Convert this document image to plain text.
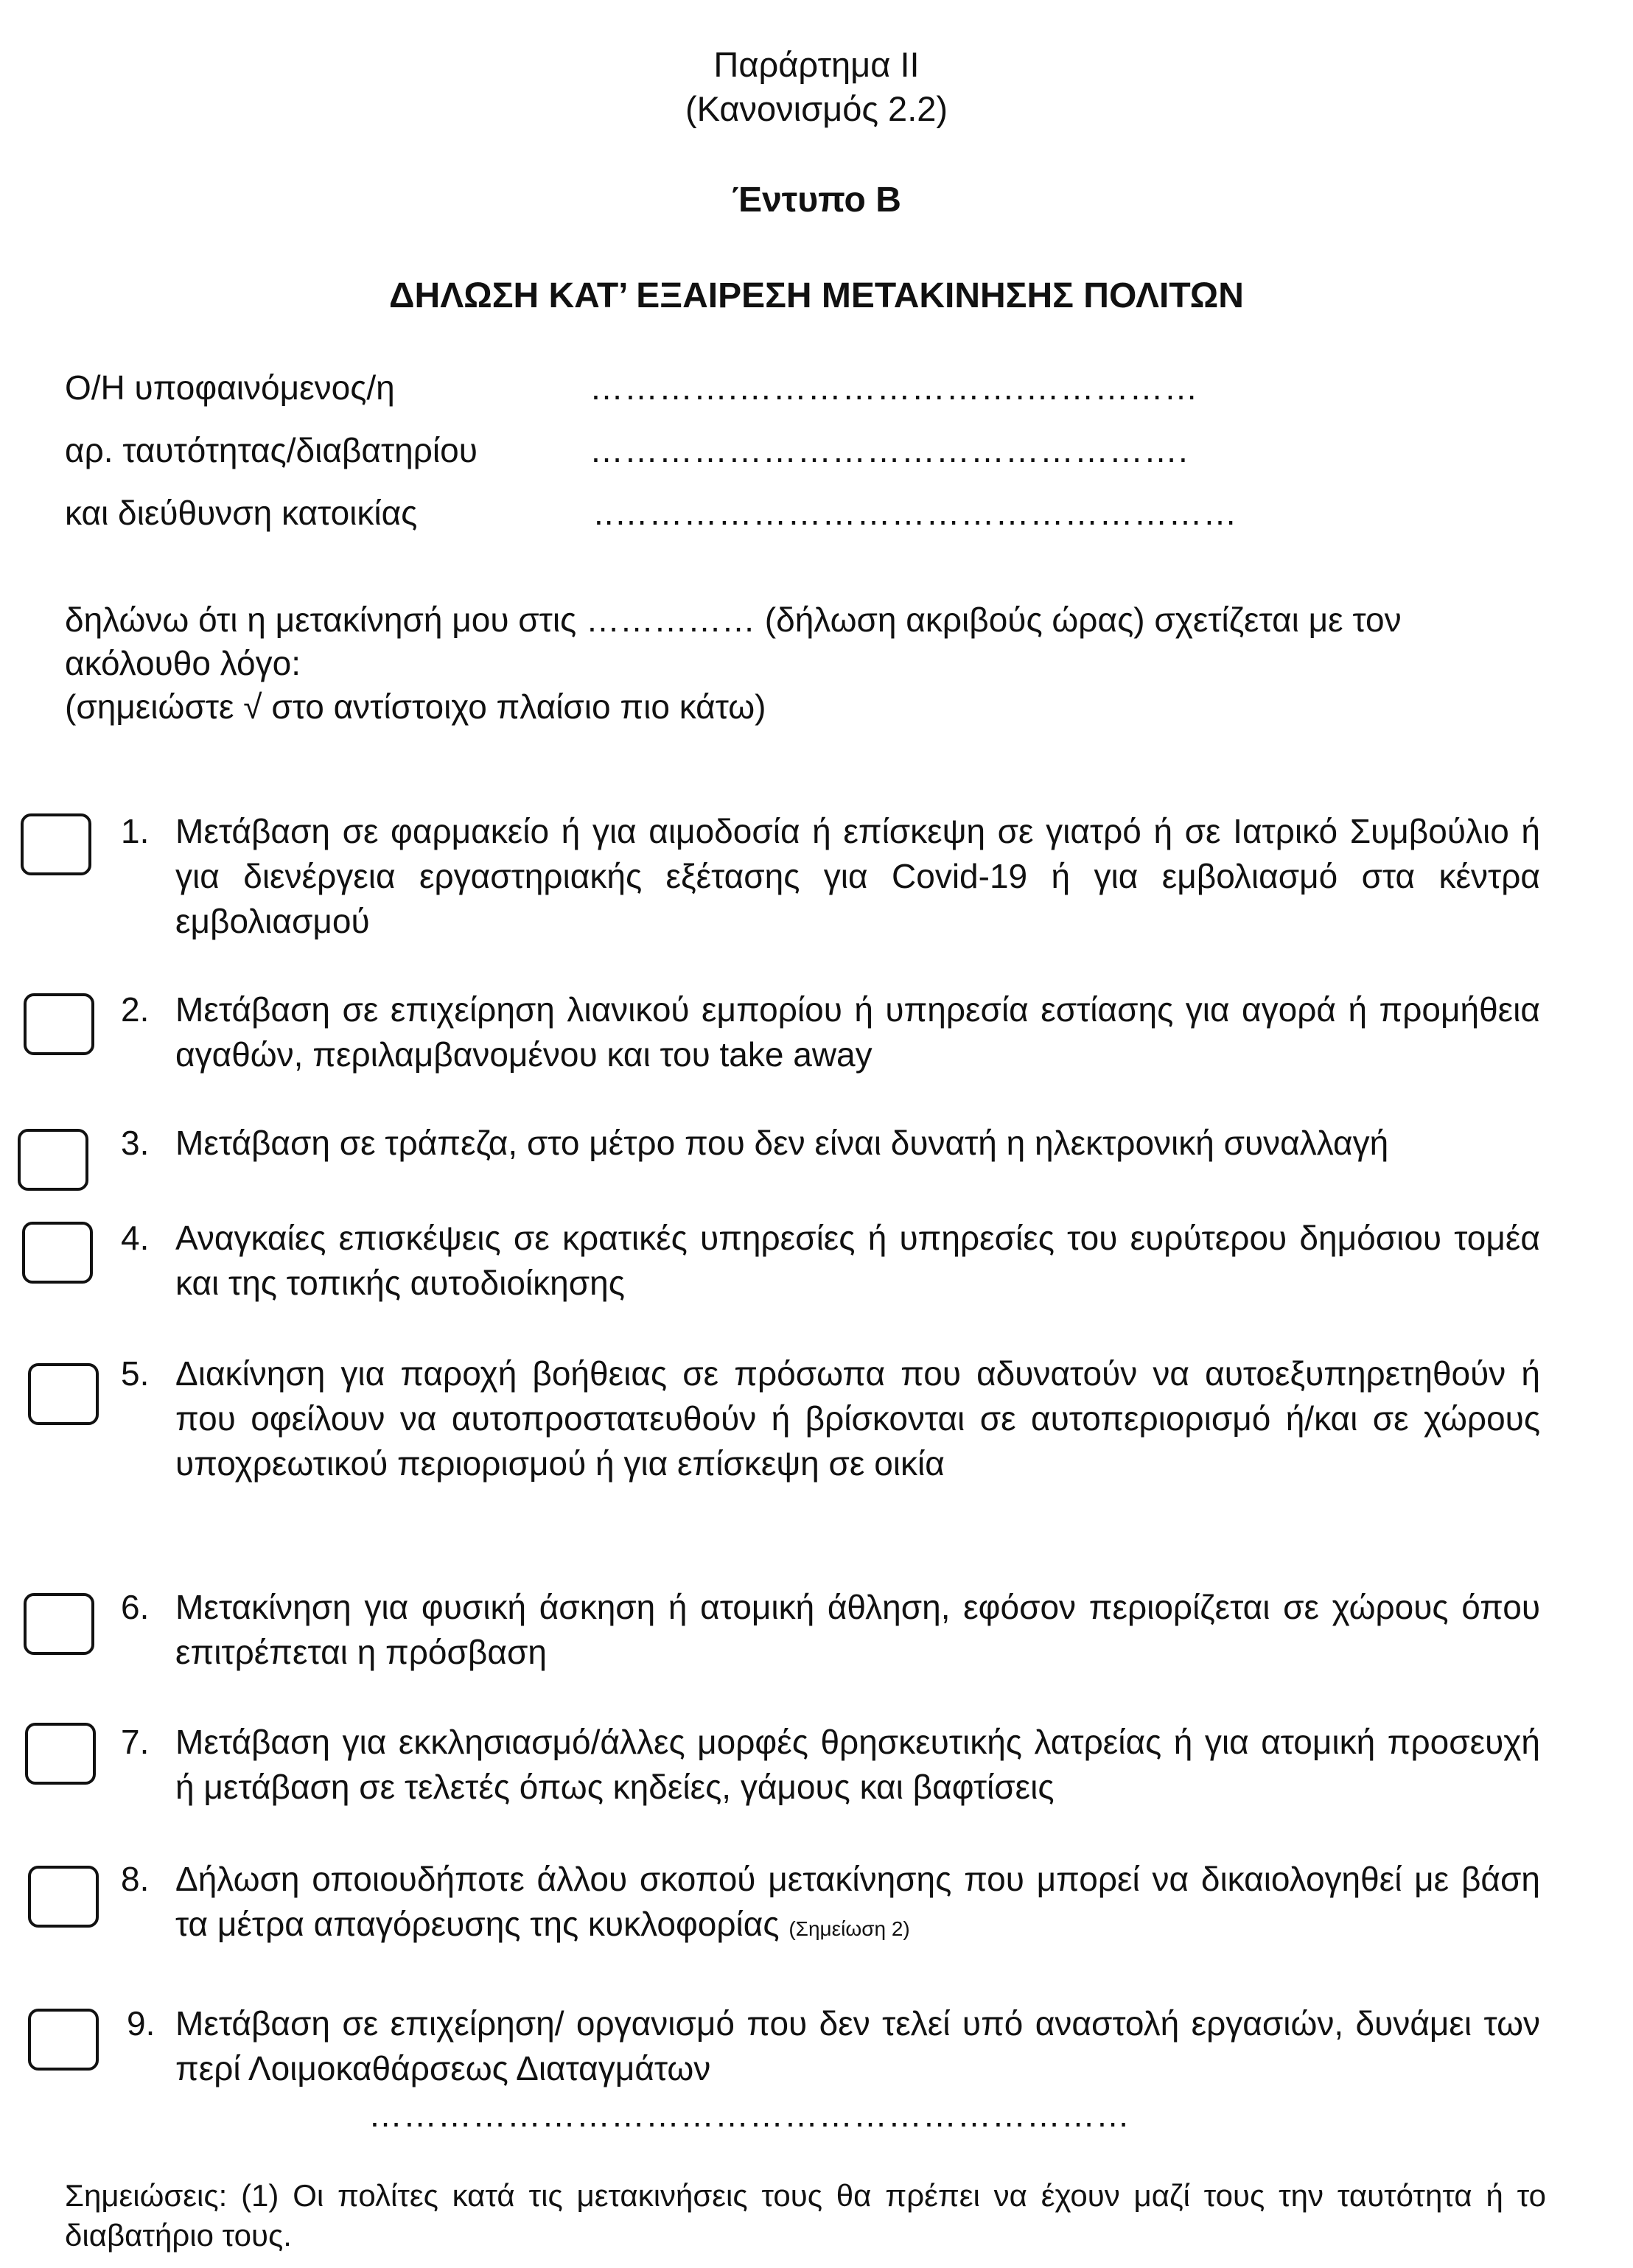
Παράρτημα ΙΙ
(Κανονισμός 2.2)
Έντυπο Β
ΔΗΛΩΣΗ ΚΑΤ’ ΕΞΑΙΡΕΣΗ ΜΕΤΑΚΙΝΗΣΗΣ ΠΟΛΙΤΩΝ
Ο/Η υποφαινόμενος/η	………….…………………….……………
αρ. ταυτότητας/διαβατηρίου	…………………………………………….
και διεύθυνση κατοικίας	..………………………………………………
δηλώνω ότι η μετακίνησή μου στις …………… (δήλωση ακριβούς ώρας) σχετίζεται με τον
ακόλουθο λόγο:
(σημειώστε √ στο αντίστοιχο πλαίσιο πιο κάτω)
1. Μετάβαση σε φαρμακείο ή για αιμοδοσία ή επίσκεψη σε γιατρό ή σε Ιατρικό Συμβούλιο ή για διενέργεια εργαστηριακής εξέτασης για Covid-19 ή για εμβολιασμό στα κέντρα εμβολιασμού
2. Μετάβαση σε επιχείρηση λιανικού εμπορίου ή υπηρεσία εστίασης για αγορά ή προμήθεια αγαθών, περιλαμβανομένου και του take away
3. Μετάβαση σε τράπεζα, στο μέτρο που δεν είναι δυνατή η ηλεκτρονική συναλλαγή
4. Αναγκαίες επισκέψεις σε κρατικές υπηρεσίες ή υπηρεσίες του ευρύτερου δημόσιου τομέα και της τοπικής αυτοδιοίκησης
5. Διακίνηση για παροχή βοήθειας σε πρόσωπα που αδυνατούν να αυτοεξυπηρετηθούν ή που οφείλουν να αυτοπροστατευθούν ή βρίσκονται σε αυτοπεριορισμό ή/και σε χώρους υποχρεωτικού περιορισμού ή για επίσκεψη σε οικία
6. Μετακίνηση για φυσική άσκηση ή ατομική άθληση, εφόσον περιορίζεται σε χώρους όπου επιτρέπεται η πρόσβαση
7. Μετάβαση για εκκλησιασμό/άλλες μορφές θρησκευτικής λατρείας ή για ατομική προσευχή ή μετάβαση σε τελετές όπως κηδείες, γάμους και βαφτίσεις
8. Δήλωση οποιουδήποτε άλλου σκοπού μετακίνησης που μπορεί να δικαιολογηθεί με βάση τα μέτρα απαγόρευσης της κυκλοφορίας (Σημείωση 2)
9. Μετάβαση σε επιχείρηση/ οργανισμό που δεν τελεί υπό αναστολή εργασιών, δυνάμει των περί Λοιμοκαθάρσεως Διαταγμάτων
…………………………………………………………
Σημειώσεις: (1) Οι πολίτες κατά τις μετακινήσεις τους θα πρέπει να έχουν μαζί τους την ταυτότητα ή το διαβατήριο τους.
